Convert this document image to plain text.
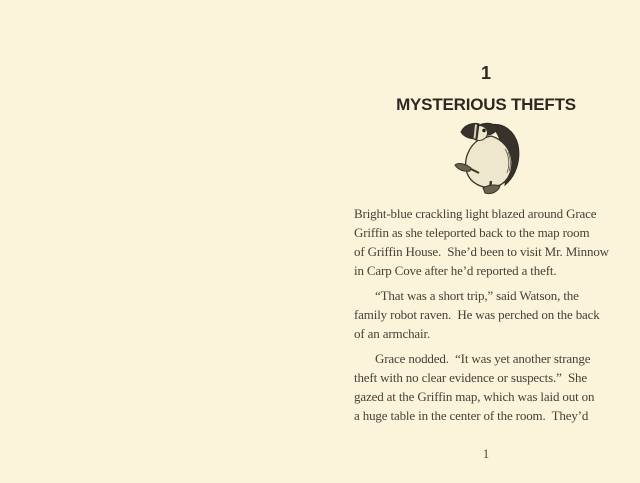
1
MYSTERIOUS THEFTS
Bright-blue crackling light blazed around Grace
Griffin as she teleported back to the map room
of Griffin House.  She’d been to visit Mr. Minnow
in Carp Cove after he’d reported a theft.
“That was a short trip,” said Watson, the
family robot raven.  He was perched on the back
of an armchair.
Grace nodded.  “It was yet another strange
theft with no clear evidence or suspects.”  She
gazed at the Griffin map, which was laid out on
a huge table in the center of the room.  They’d
1
